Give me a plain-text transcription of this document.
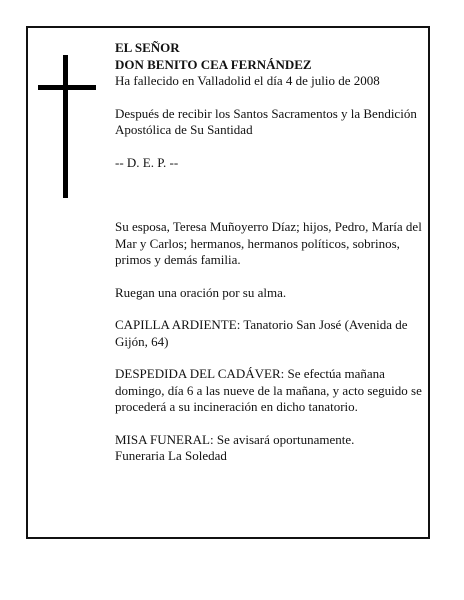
EL SEÑOR

DON BENITO CEA FERNÁNDEZ

Ha fallecido en Valladolid el día 4 de julio de 2008

Después de recibir los Santos Sacramentos y la Bendición Apostólica de Su Santidad

-- D. E. P. --

Su esposa, Teresa Muñoyerro Díaz; hijos, Pedro, María del Mar y Carlos; hermanos, hermanos políticos, sobrinos, primos y demás familia.

Ruegan una oración por su alma.

CAPILLA ARDIENTE: Tanatorio San José (Avenida de Gijón, 64)

DESPEDIDA DEL CADÁVER: Se efectúa mañana domingo, día 6 a las nueve de la mañana, y acto seguido se procederá a su incineración en dicho tanatorio.

MISA FUNERAL: Se avisará oportunamente.

Funeraria La Soledad
